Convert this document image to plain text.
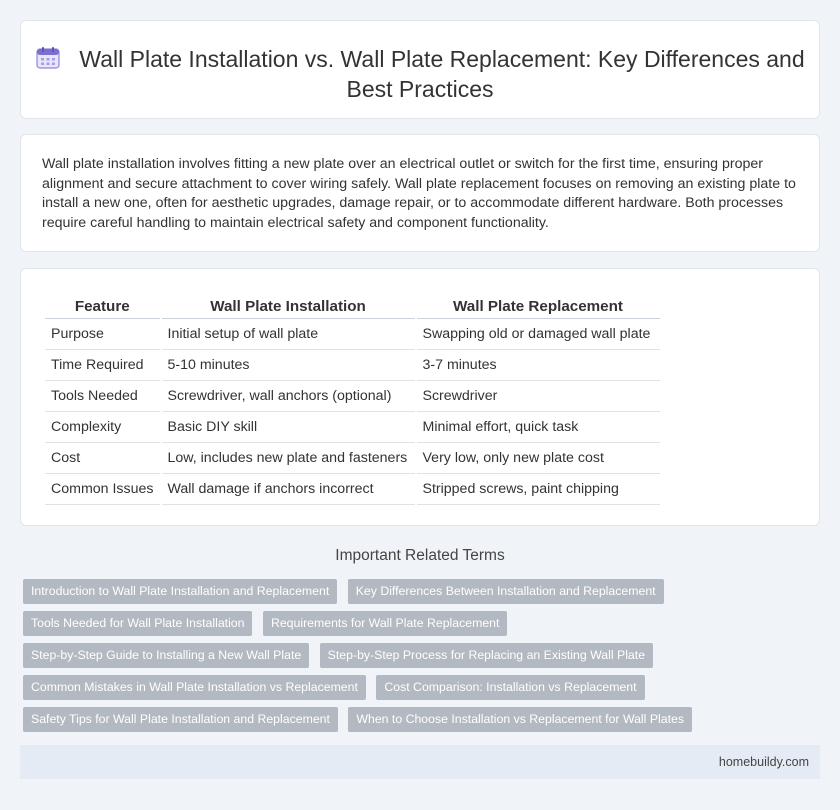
Wall Plate Installation vs. Wall Plate Replacement: Key Differences and Best Practices

Wall plate installation involves fitting a new plate over an electrical outlet or switch for the first time, ensuring proper alignment and secure attachment to cover wiring safely. Wall plate replacement focuses on removing an existing plate to install a new one, often for aesthetic upgrades, damage repair, or to accommodate different hardware. Both processes require careful handling to maintain electrical safety and component functionality.

Feature	Wall Plate Installation	Wall Plate Replacement
Purpose	Initial setup of wall plate	Swapping old or damaged wall plate
Time Required	5-10 minutes	3-7 minutes
Tools Needed	Screwdriver, wall anchors (optional)	Screwdriver
Complexity	Basic DIY skill	Minimal effort, quick task
Cost	Low, includes new plate and fasteners	Very low, only new plate cost
Common Issues	Wall damage if anchors incorrect	Stripped screws, paint chipping
Important Related Terms
Introduction to Wall Plate Installation and Replacement Key Differences Between Installation and Replacement Tools Needed for Wall Plate Installation Requirements for Wall Plate Replacement Step-by-Step Guide to Installing a New Wall Plate Step-by-Step Process for Replacing an Existing Wall Plate Common Mistakes in Wall Plate Installation vs Replacement Cost Comparison: Installation vs Replacement Safety Tips for Wall Plate Installation and Replacement When to Choose Installation vs Replacement for Wall Plates
homebuildy.com
